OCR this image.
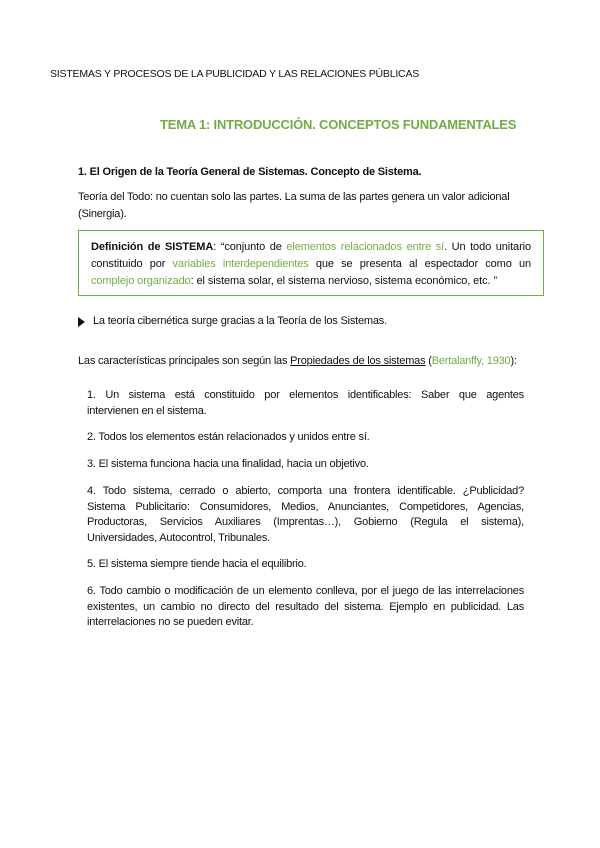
SISTEMAS Y PROCESOS DE LA PUBLICIDAD Y LAS RELACIONES PÚBLICAS
TEMA 1: INTRODUCCIÓN. CONCEPTOS FUNDAMENTALES
1. El Origen de la Teoría General de Sistemas. Concepto de Sistema.
Teoría del Todo: no cuentan solo las partes. La suma de las partes genera un valor adicional
(Sinergia).
Definición de SISTEMA: “conjunto de elementos relacionados entre sí. Un todo unitario
constituido por variables interdependientes que se presenta al espectador como un
complejo organizado: el sistema solar, el sistema nervioso, sistema económico, etc. ”
La teoría cibernética surge gracias a la Teoría de los Sistemas.
Las características principales son según las Propiedades de los sistemas (Bertalanffy, 1930):
1. Un sistema está constituido por elementos identificables: Saber que agentes
intervienen en el sistema.
2. Todos los elementos están relacionados y unidos entre sí.
3. El sistema funciona hacia una finalidad, hacia un objetivo.
4. Todo sistema, cerrado o abierto, comporta una frontera identificable. ¿Publicidad?
Sistema Publicitario: Consumidores, Medios, Anunciantes, Competidores, Agencias,
Productoras, Servicios Auxiliares (Imprentas…), Gobierno (Regula el sistema),
Universidades, Autocontrol, Tribunales.
5. El sistema siempre tiende hacia el equilibrio.
6. Todo cambio o modificación de un elemento conlleva, por el juego de las interrelaciones
existentes, un cambio no directo del resultado del sistema. Ejemplo en publicidad. Las
interrelaciones no se pueden evitar.
